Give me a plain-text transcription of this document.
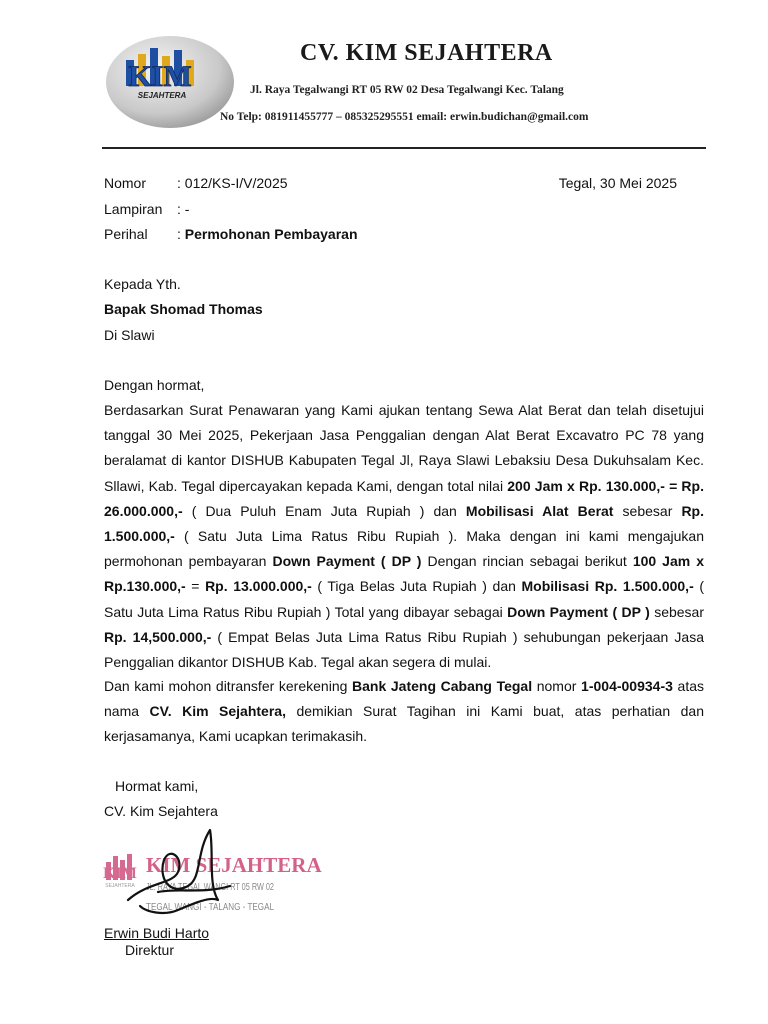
KIM
SEJAHTERA
CV. KIM SEJAHTERA
Jl. Raya Tegalwangi RT 05 RW 02 Desa Tegalwangi Kec. Talang
No Telp: 081911455777 – 085325295551 email: erwin.budichan@gmail.com
Nomor : 012/KS-I/V/2025
Lampiran : -
Perihal : Permohonan Pembayaran
Tegal, 30 Mei 2025
Kepada Yth.
Bapak Shomad Thomas
Di Slawi
Dengan hormat,
Berdasarkan Surat Penawaran yang Kami ajukan tentang Sewa Alat Berat dan telah disetujui tanggal 30 Mei 2025, Pekerjaan Jasa Penggalian dengan Alat Berat Excavatro PC 78 yang beralamat di kantor DISHUB Kabupaten Tegal Jl, Raya Slawi Lebaksiu Desa Dukuhsalam Kec. Sllawi, Kab. Tegal dipercayakan kepada Kami, dengan total nilai 200 Jam x Rp. 130.000,- = Rp. 26.000.000,- ( Dua Puluh Enam Juta Rupiah ) dan Mobilisasi Alat Berat sebesar Rp. 1.500.000,- ( Satu Juta Lima Ratus Ribu Rupiah ). Maka dengan ini kami mengajukan permohonan pembayaran Down Payment ( DP ) Dengan rincian sebagai berikut 100 Jam x Rp.130.000,- = Rp. 13.000.000,- ( Tiga Belas Juta Rupiah ) dan Mobilisasi Rp. 1.500.000,- ( Satu Juta Lima Ratus Ribu Rupiah ) Total yang dibayar sebagai Down Payment ( DP ) sebesar Rp. 14,500.000,- ( Empat Belas Juta Lima Ratus Ribu Rupiah ) sehubungan pekerjaan Jasa Penggalian dikantor DISHUB Kab. Tegal akan segera di mulai.
Dan kami mohon ditransfer kerekening Bank Jateng Cabang Tegal nomor 1-004-00934-3 atas nama CV. Kim Sejahtera, demikian Surat Tagihan ini Kami buat, atas perhatian dan kerjasamanya, Kami ucapkan terimakasih.
Hormat kami,
CV. Kim Sejahtera
KIM
SEJAHTERA
KIM SEJAHTERA
JL. RAYA TEGAL WANGI RT 05 RW 02
TEGAL WANGI - TALANG - TEGAL
Erwin Budi Harto
Direktur
